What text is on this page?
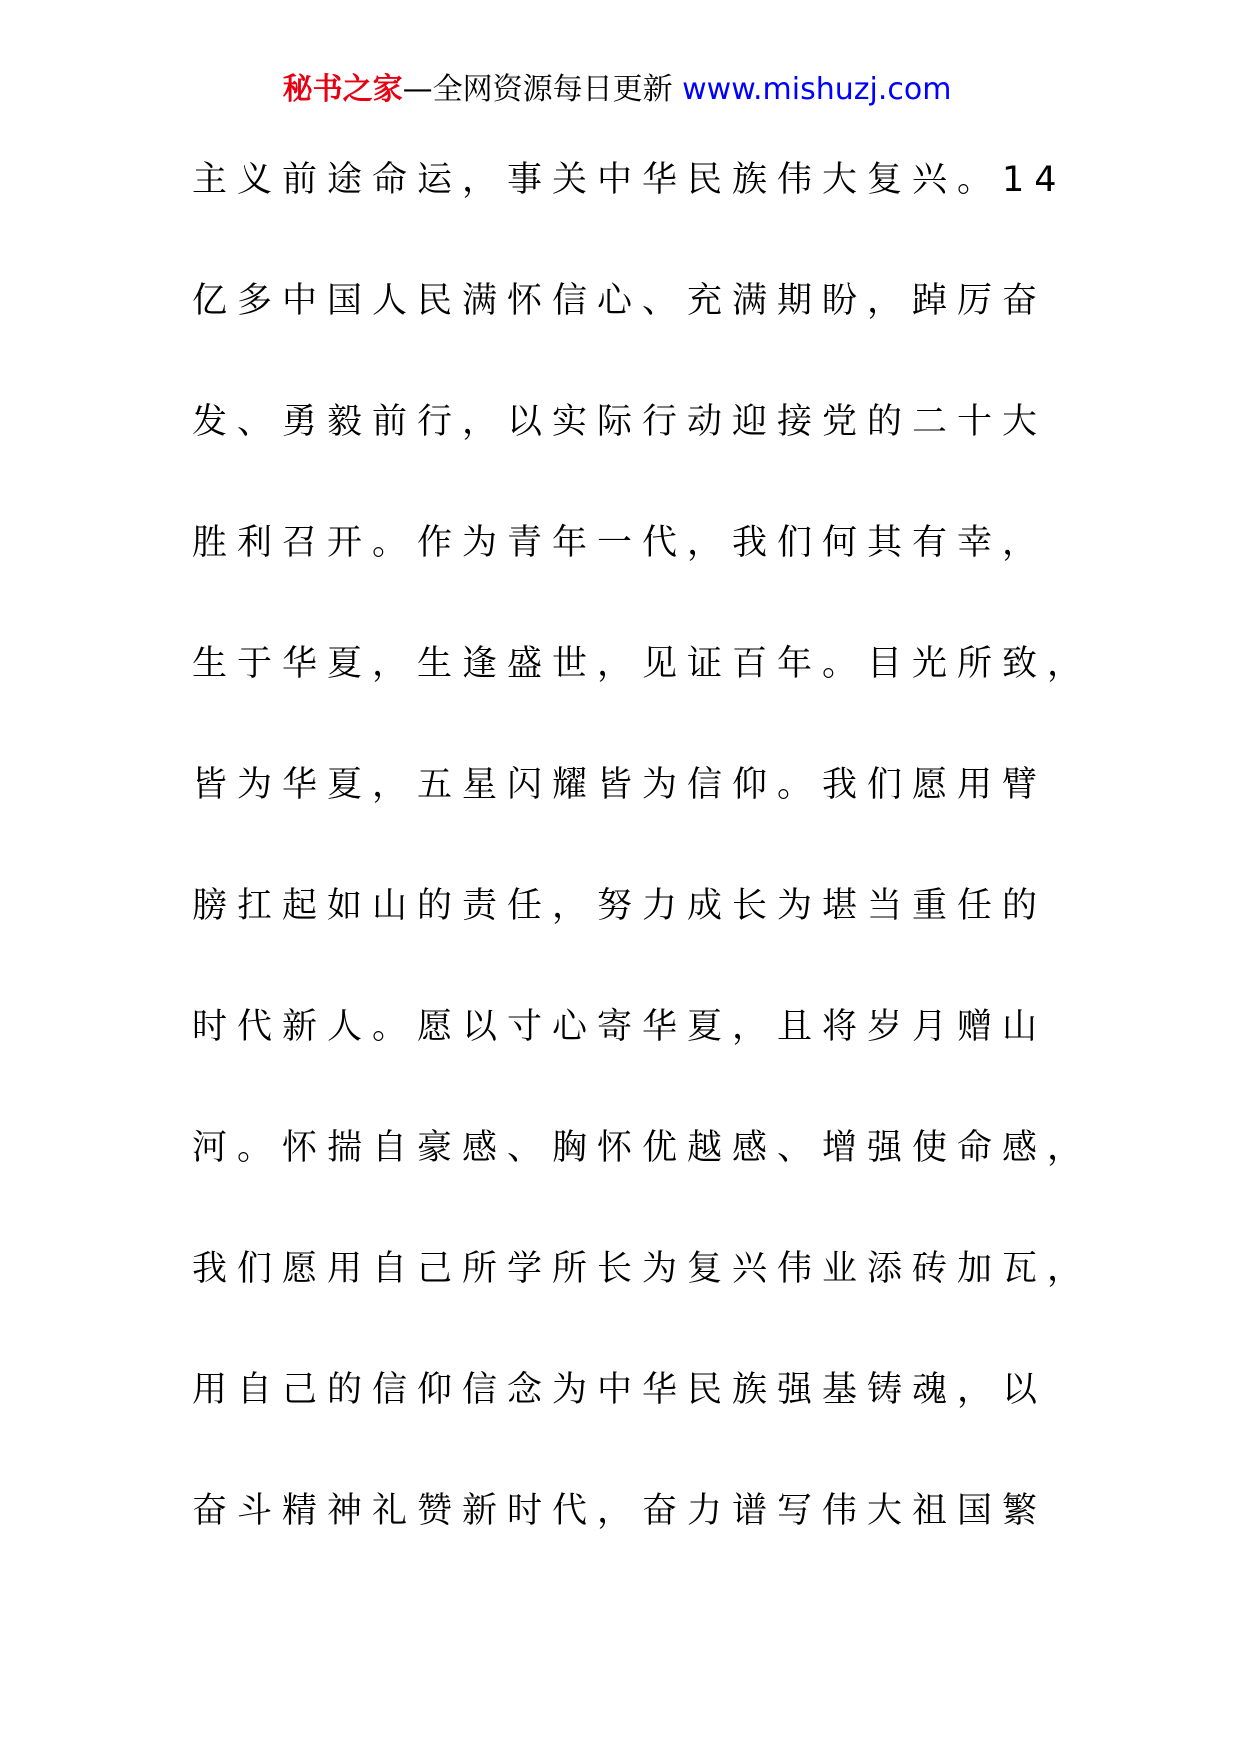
秘书之家—全网资源每日更新 www.mishuzj.com
主义前途命运，事关中华民族伟大复兴。14
亿多中国人民满怀信心、充满期盼，踔厉奋
发、勇毅前行，以实际行动迎接党的二十大
胜利召开。作为青年一代，我们何其有幸，
生于华夏，生逢盛世，见证百年。目光所致，
皆为华夏，五星闪耀皆为信仰。我们愿用臂
膀扛起如山的责任，努力成长为堪当重任的
时代新人。愿以寸心寄华夏，且将岁月赠山
河。怀揣自豪感、胸怀优越感、增强使命感，
我们愿用自己所学所长为复兴伟业添砖加瓦，
用自己的信仰信念为中华民族强基铸魂，以
奋斗精神礼赞新时代，奋力谱写伟大祖国繁
